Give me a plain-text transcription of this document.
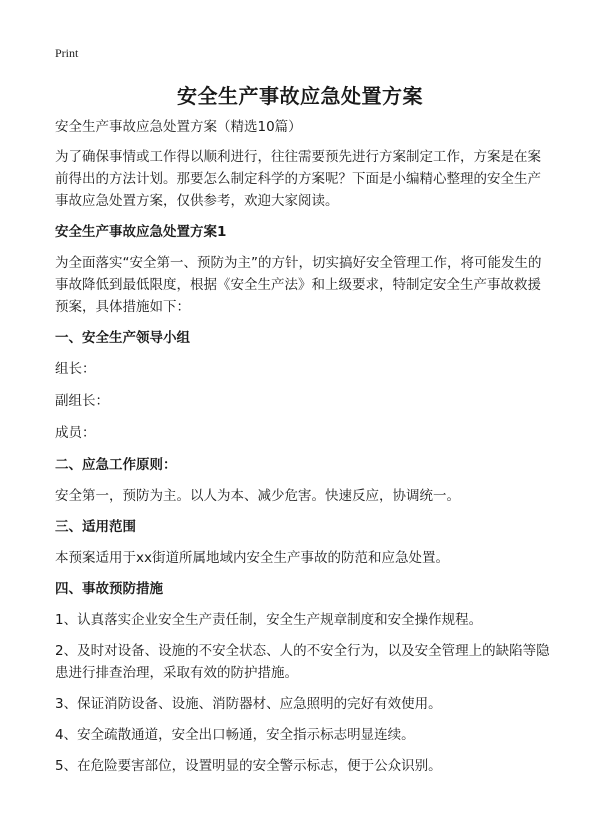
Print
安全生产事故应急处置方案

安全生产事故应急处置方案（精选10篇）

为了确保事情或工作得以顺利进行，往往需要预先进行方案制定工作，方案是在案前得出的方法计划。那要怎么制定科学的方案呢？下面是小编精心整理的安全生产事故应急处置方案，仅供参考，欢迎大家阅读。

安全生产事故应急处置方案1

为全面落实“安全第一、预防为主”的方针，切实搞好安全管理工作，将可能发生的事故降低到最低限度，根据《安全生产法》和上级要求，特制定安全生产事故救援预案，具体措施如下：

一、安全生产领导小组

组长：

副组长：

成员：

二、应急工作原则：

安全第一，预防为主。以人为本、减少危害。快速反应，协调统一。

三、适用范围

本预案适用于xx街道所属地域内安全生产事故的防范和应急处置。

四、事故预防措施

1、认真落实企业安全生产责任制，安全生产规章制度和安全操作规程。

2、及时对设备、设施的不安全状态、人的不安全行为，以及安全管理上的缺陷等隐患进行排查治理，采取有效的防护措施。

3、保证消防设备、设施、消防器材、应急照明的完好有效使用。

4、安全疏散通道，安全出口畅通，安全指示标志明显连续。

5、在危险要害部位，设置明显的安全警示标志，便于公众识别。
